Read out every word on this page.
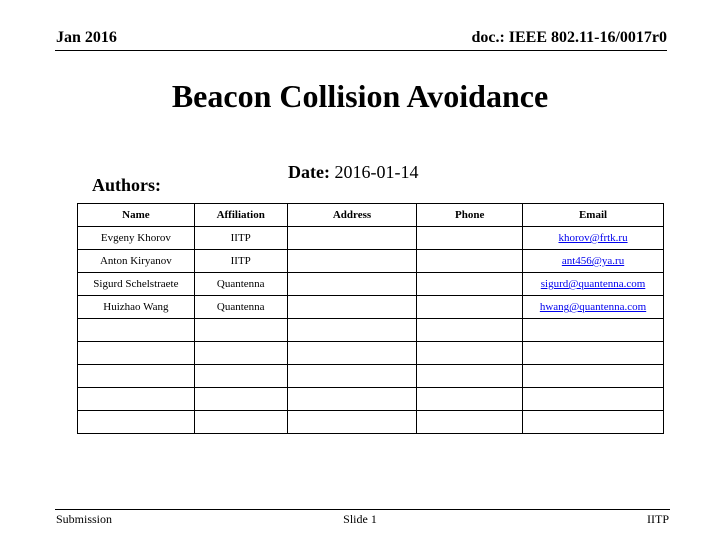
Jan 2016	doc.: IEEE 802.11-16/0017r0
Beacon Collision Avoidance
Date: 2016-01-14
Authors:
Name	Affiliation	Address	Phone	Email
Evgeny Khorov	IITP			khorov@frtk.ru
Anton Kiryanov	IITP			ant456@ya.ru
Sigurd Schelstraete	Quantenna			sigurd@quantenna.com
Huizhao Wang	Quantenna			hwang@quantenna.com

Submission	Slide 1	IITP
